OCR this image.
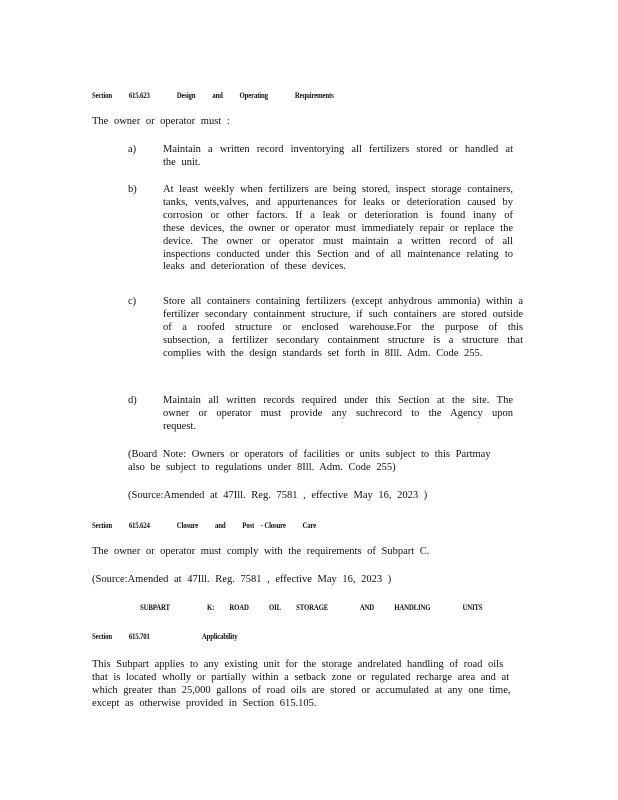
Section 615.623	Design and Operating	Requirements
The owner or operator must :
a)	Maintain a written record inventorying all fertilizers stored or handled at the unit.
b)	At least weekly when fertilizers are being stored, inspect storage containers, tanks, vents,valves, and appurtenances for leaks or deterioration caused by corrosion or other factors. If a leak or deterioration is found inany of these devices, the owner or operator must immediately repair or replace the device. The owner or operator must maintain a written record of all inspections conducted under this Section and of all maintenance relating to leaks and deterioration of these devices.
c)	Store all containers containing fertilizers (except anhydrous ammonia) within a fertilizer secondary containment structure, if such containers are stored outside of a roofed structure or enclosed warehouse.For the purpose of this subsection, a fertilizer secondary containment structure is a structure that complies with the design standards set forth in 8Ill. Adm. Code 255.
d)	Maintain all written records required under this Section at the site. The owner or operator must provide any suchrecord to the Agency upon request.
(Board Note: Owners or operators of facilities or units subject to this Partmay also be subject to regulations under 8Ill. Adm. Code 255)
(Source:Amended at 47Ill. Reg. 7581 , effective May 16, 2023 )
Section 615.624	Closure and Post - Closure Care
The owner or operator must comply with the requirements of Subpart C.
(Source:Amended at 47Ill. Reg. 7581 , effective May 16, 2023 )
SUBPART	K: ROAD	OIL STORAGE	AND	HANDLING	UNITS
Section 615.701	Applicability
This Subpart applies to any existing unit for the storage andrelated handling of road oils
that is located wholly or partially within a setback zone or regulated recharge area and at
which greater than 25,000 gallons of road oils are stored or accumulated at any one time,
except as otherwise provided in Section 615.105.
